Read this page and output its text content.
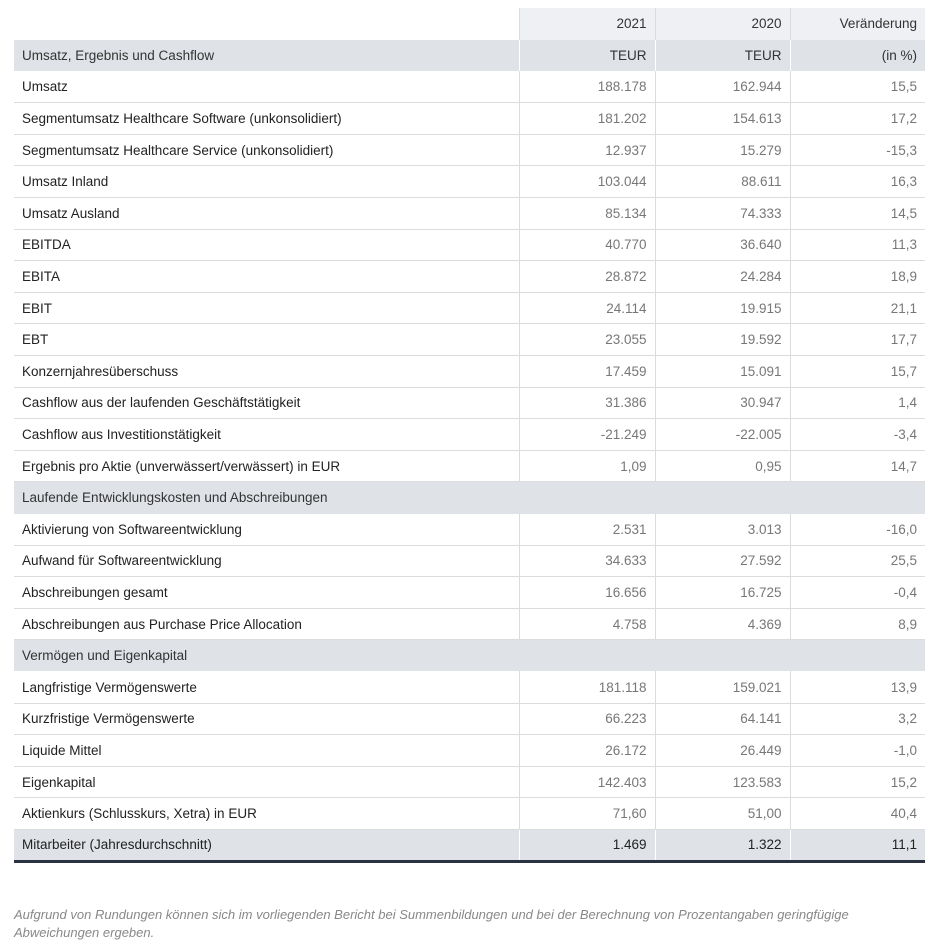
	2021	2020	Veränderung
Umsatz, Ergebnis und Cashflow	TEUR	TEUR	(in %)
Umsatz	188.178	162.944	15,5
Segmentumsatz Healthcare Software (unkonsolidiert)	181.202	154.613	17,2
Segmentumsatz Healthcare Service (unkonsolidiert)	12.937	15.279	-15,3
Umsatz Inland	103.044	88.611	16,3
Umsatz Ausland	85.134	74.333	14,5
EBITDA	40.770	36.640	11,3
EBITA	28.872	24.284	18,9
EBIT	24.114	19.915	21,1
EBT	23.055	19.592	17,7
Konzernjahresüberschuss	17.459	15.091	15,7
Cashflow aus der laufenden Geschäftstätigkeit	31.386	30.947	1,4
Cashflow aus Investitionstätigkeit	-21.249	-22.005	-3,4
Ergebnis pro Aktie (unverwässert/verwässert) in EUR	1,09	0,95	14,7
Laufende Entwicklungskosten und Abschreibungen			
Aktivierung von Softwareentwicklung	2.531	3.013	-16,0
Aufwand für Softwareentwicklung	34.633	27.592	25,5
Abschreibungen gesamt	16.656	16.725	-0,4
Abschreibungen aus Purchase Price Allocation	4.758	4.369	8,9
Vermögen und Eigenkapital			
Langfristige Vermögenswerte	181.118	159.021	13,9
Kurzfristige Vermögenswerte	66.223	64.141	3,2
Liquide Mittel	26.172	26.449	-1,0
Eigenkapital	142.403	123.583	15,2
Aktienkurs (Schlusskurs, Xetra) in EUR	71,60	51,00	40,4
Mitarbeiter (Jahresdurchschnitt)	1.469	1.322	11,1
Aufgrund von Rundungen können sich im vorliegenden Bericht bei Summenbildungen und bei der Berechnung von Prozentangaben geringfügige Abweichungen ergeben.
